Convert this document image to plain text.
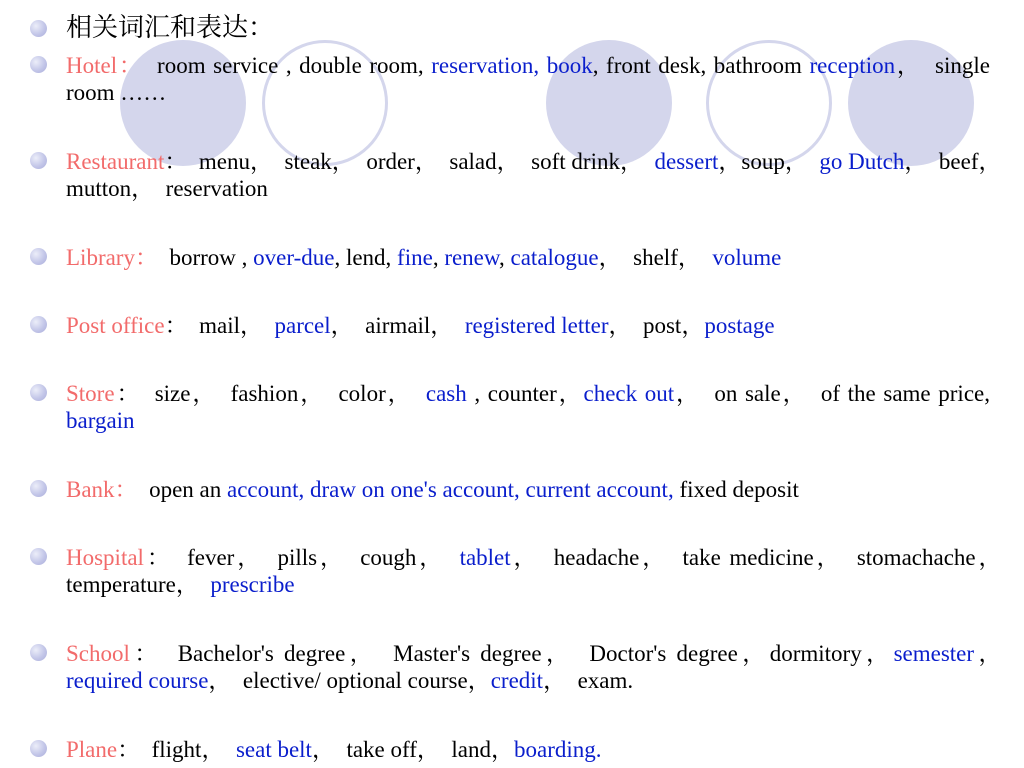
相关词汇和表达：
Hotel：　room service , double room, reservation, book, front desk, bathroom reception，　single room ……
Restaurant：　menu，　steak，　order，　salad，　soft drink，　dessert，soup，　go Dutch，　beef，　mutton，　reservation
Library：　borrow , over-due, lend, fine, renew, catalogue，　shelf，　volume
Post office：　mail，　parcel，　airmail，　registered letter，　post，postage
Store：　size，　fashion，　color，　cash , counter，check out，　on sale，　of the same price, bargain
Bank：　open an account, draw on one's account, current account, fixed deposit
Hospital：　fever，　pills，　cough，　tablet，　headache，　take medicine，　stomachache，　temperature，　prescribe
School：　Bachelor's degree，　Master's degree，　Doctor's degree，dormitory，semester，　required course，　elective/ optional course，credit，　exam.
Plane：　flight，　seat belt，　take off，　land，boarding.
